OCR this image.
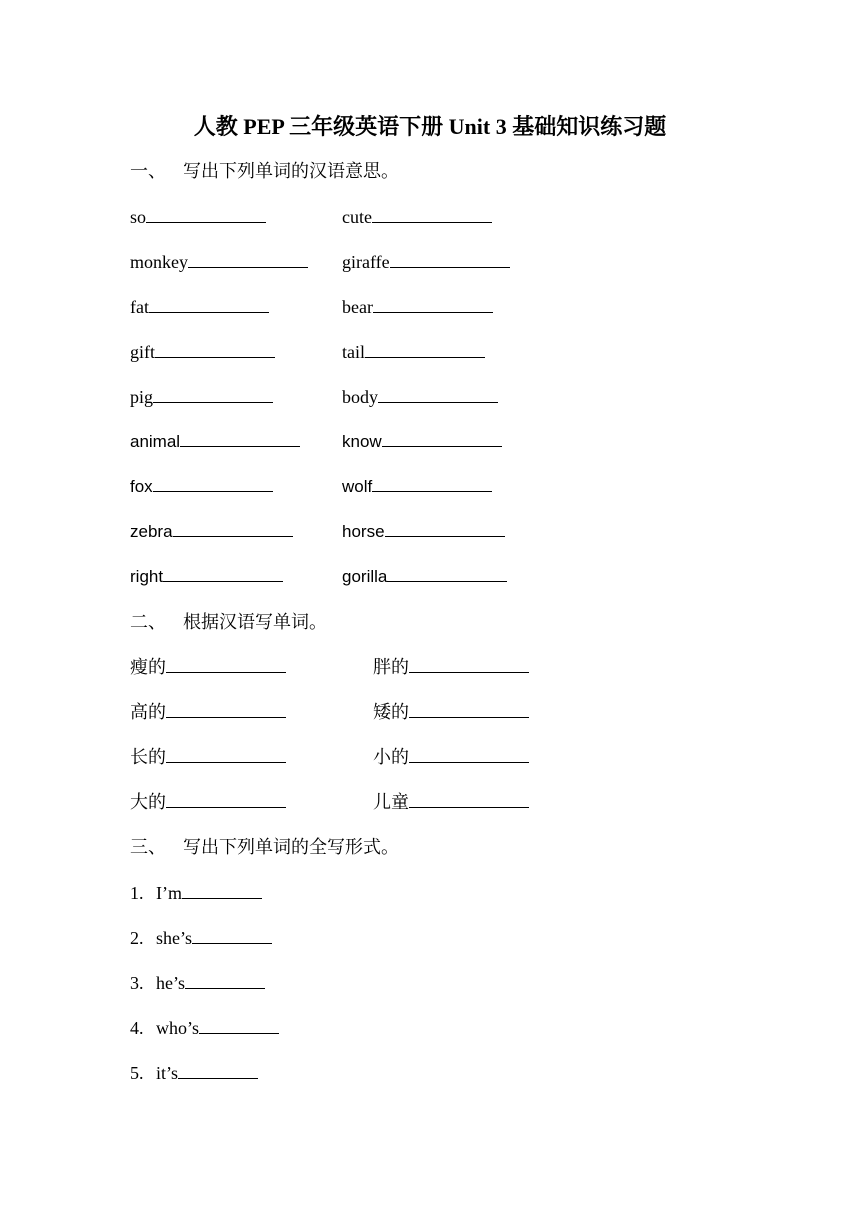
人教 PEP 三年级英语下册 Unit 3 基础知识练习题
一、 写出下列单词的汉语意思。
so	cute
monkey	giraffe
fat	bear
gift	tail
pig	body
animal	know
fox	wolf
zebra	horse
right	gorilla
二、 根据汉语写单词。
瘦的	胖的
高的	矮的
长的	小的
大的	儿童
三、 写出下列单词的全写形式。
1. I’m
2. she’s
3. he’s
4. who’s
5. it’s
